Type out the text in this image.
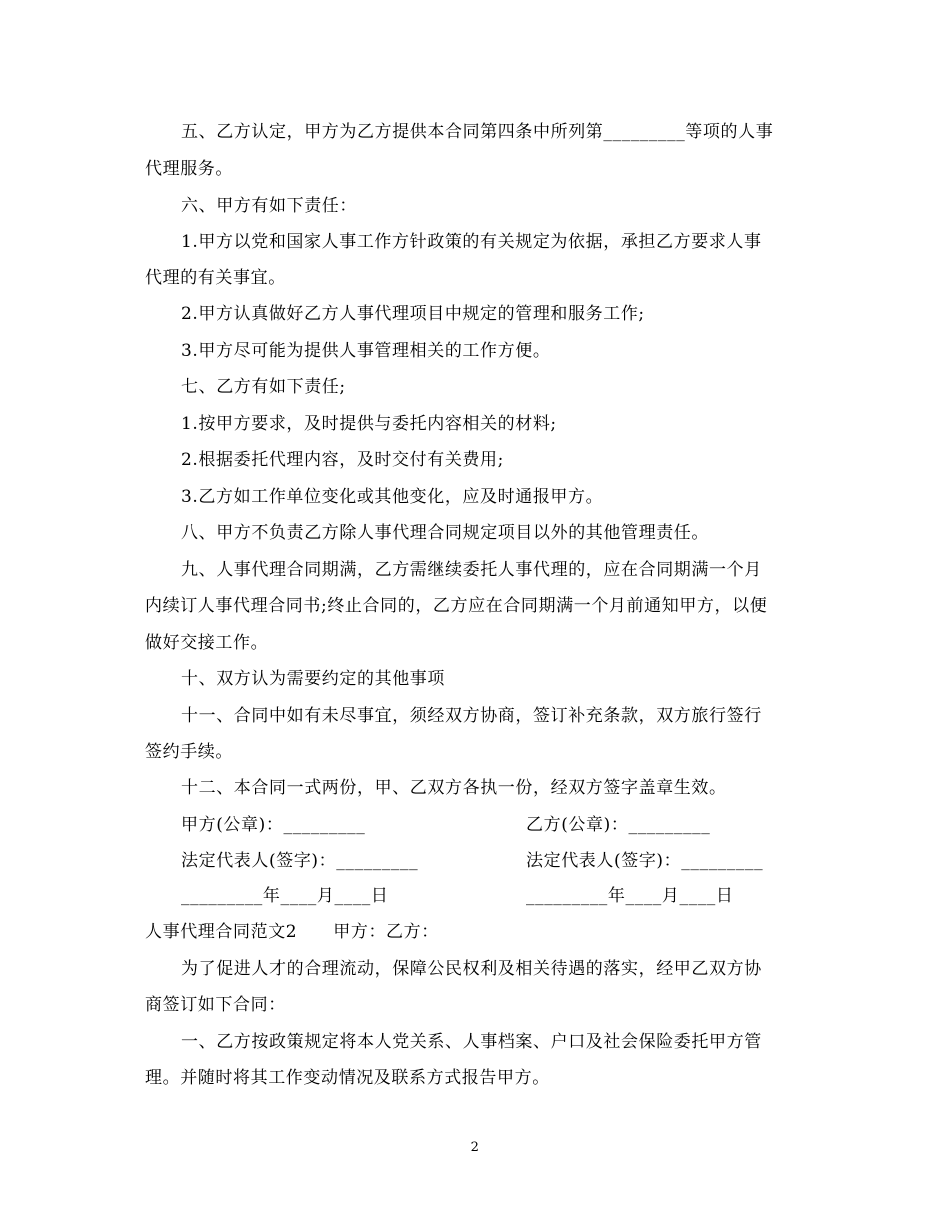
五、乙方认定，甲方为乙方提供本合同第四条中所列第_________等项的人事
代理服务。
六、甲方有如下责任：
1.甲方以党和国家人事工作方针政策的有关规定为依据，承担乙方要求人事
代理的有关事宜。
2.甲方认真做好乙方人事代理项目中规定的管理和服务工作;
3.甲方尽可能为提供人事管理相关的工作方便。
七、乙方有如下责任;
1.按甲方要求，及时提供与委托内容相关的材料;
2.根据委托代理内容，及时交付有关费用;
3.乙方如工作单位变化或其他变化，应及时通报甲方。
八、甲方不负责乙方除人事代理合同规定项目以外的其他管理责任。
九、人事代理合同期满，乙方需继续委托人事代理的，应在合同期满一个月
内续订人事代理合同书;终止合同的，乙方应在合同期满一个月前通知甲方，以便
做好交接工作。
十、双方认为需要约定的其他事项
十一、合同中如有未尽事宜，须经双方协商，签订补充条款，双方旅行签行
签约手续。
十二、本合同一式两份，甲、乙双方各执一份，经双方签字盖章生效。
甲方(公章)：_________	乙方(公章)：_________
法定代表人(签字)：_________	法定代表人(签字)：_________
_________年____月____日	_________年____月____日
人事代理合同范文2      甲方：乙方：
为了促进人才的合理流动，保障公民权利及相关待遇的落实，经甲乙双方协
商签订如下合同：
一、乙方按政策规定将本人党关系、人事档案、户口及社会保险委托甲方管
理。并随时将其工作变动情况及联系方式报告甲方。
2
